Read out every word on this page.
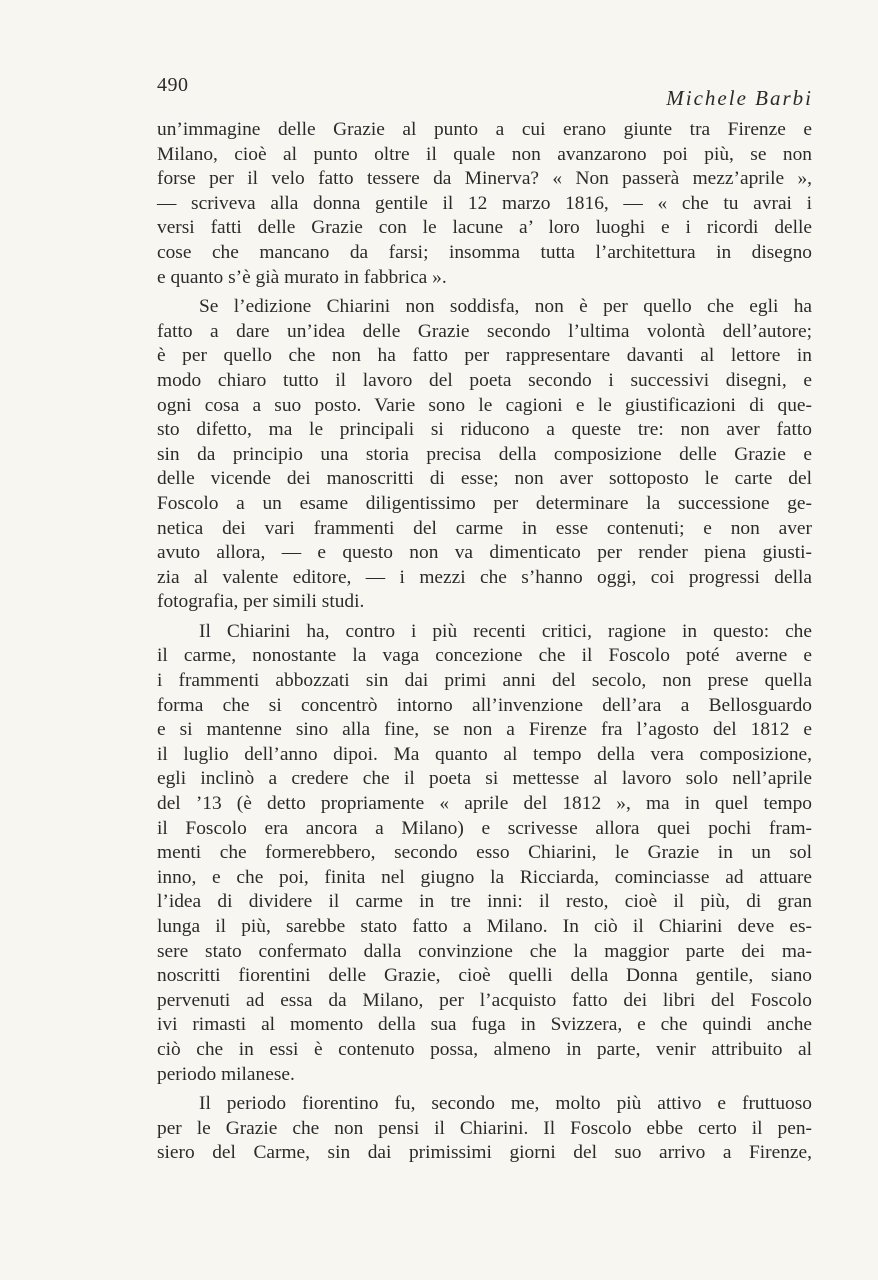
490
Michele Barbi
un’immagine delle Grazie al punto a cui erano giunte tra Firenze e
Milano, cioè al punto oltre il quale non avanzarono poi più, se non
forse per il velo fatto tessere da Minerva? « Non passerà mezz’aprile »,
— scriveva alla donna gentile il 12 marzo 1816, — « che tu avrai i
versi fatti delle Grazie con le lacune a’ loro luoghi e i ricordi delle
cose che mancano da farsi; insomma tutta l’architettura in disegno
e quanto s’è già murato in fabbrica ».
Se l’edizione Chiarini non soddisfa, non è per quello che egli ha
fatto a dare un’idea delle Grazie secondo l’ultima volontà dell’autore;
è per quello che non ha fatto per rappresentare davanti al lettore in
modo chiaro tutto il lavoro del poeta secondo i successivi disegni, e
ogni cosa a suo posto. Varie sono le cagioni e le giustificazioni di que-
sto difetto, ma le principali si riducono a queste tre: non aver fatto
sin da principio una storia precisa della composizione delle Grazie e
delle vicende dei manoscritti di esse; non aver sottoposto le carte del
Foscolo a un esame diligentissimo per determinare la successione ge-
netica dei vari frammenti del carme in esse contenuti; e non aver
avuto allora, — e questo non va dimenticato per render piena giusti-
zia al valente editore, — i mezzi che s’hanno oggi, coi progressi della
fotografia, per simili studi.
Il Chiarini ha, contro i più recenti critici, ragione in questo: che
il carme, nonostante la vaga concezione che il Foscolo poté averne e
i frammenti abbozzati sin dai primi anni del secolo, non prese quella
forma che si concentrò intorno all’invenzione dell’ara a Bellosguardo
e si mantenne sino alla fine, se non a Firenze fra l’agosto del 1812 e
il luglio dell’anno dipoi. Ma quanto al tempo della vera composizione,
egli inclinò a credere che il poeta si mettesse al lavoro solo nell’aprile
del ’13 (è detto propriamente « aprile del 1812 », ma in quel tempo
il Foscolo era ancora a Milano) e scrivesse allora quei pochi fram-
menti che formerebbero, secondo esso Chiarini, le Grazie in un sol
inno, e che poi, finita nel giugno la Ricciarda, cominciasse ad attuare
l’idea di dividere il carme in tre inni: il resto, cioè il più, di gran
lunga il più, sarebbe stato fatto a Milano. In ciò il Chiarini deve es-
sere stato confermato dalla convinzione che la maggior parte dei ma-
noscritti fiorentini delle Grazie, cioè quelli della Donna gentile, siano
pervenuti ad essa da Milano, per l’acquisto fatto dei libri del Foscolo
ivi rimasti al momento della sua fuga in Svizzera, e che quindi anche
ciò che in essi è contenuto possa, almeno in parte, venir attribuito al
periodo milanese.
Il periodo fiorentino fu, secondo me, molto più attivo e fruttuoso
per le Grazie che non pensi il Chiarini. Il Foscolo ebbe certo il pen-
siero del Carme, sin dai primissimi giorni del suo arrivo a Firenze,
